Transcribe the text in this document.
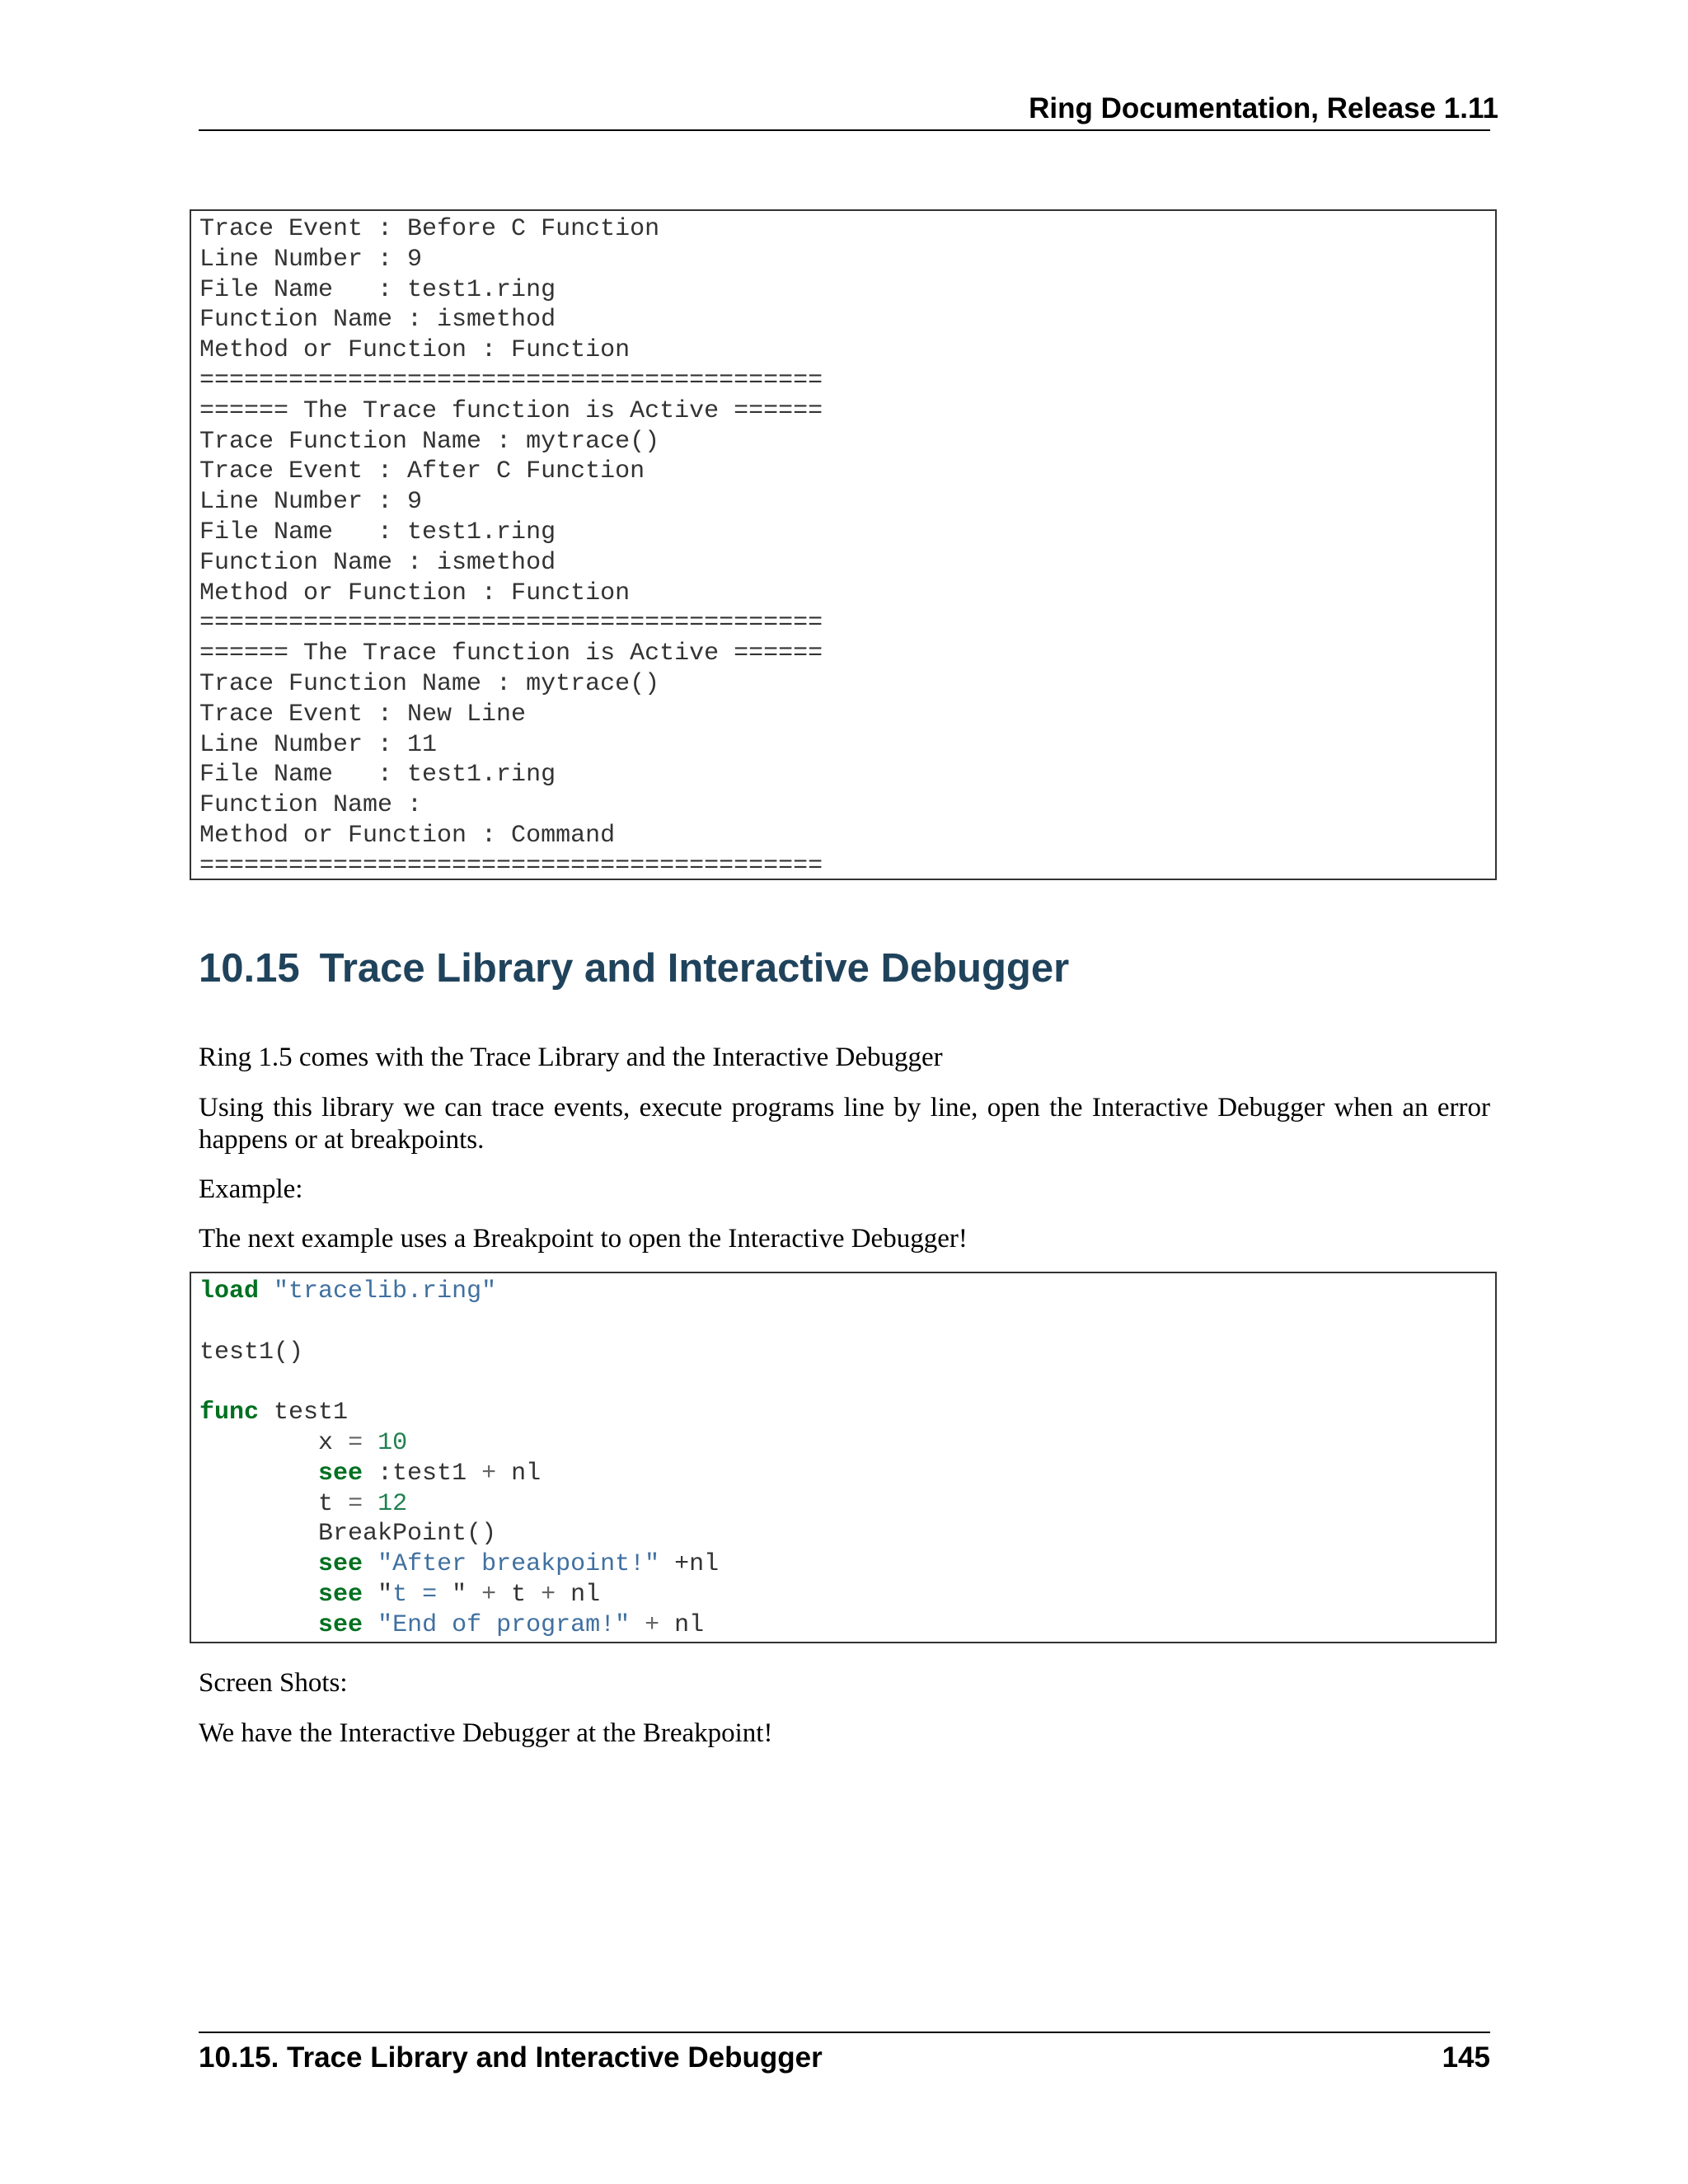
Ring Documentation, Release 1.11
Trace Event : Before C Function
Line Number : 9
File Name   : test1.ring
Function Name : ismethod
Method or Function : Function
==========================================
====== The Trace function is Active ======
Trace Function Name : mytrace()
Trace Event : After C Function
Line Number : 9
File Name   : test1.ring
Function Name : ismethod
Method or Function : Function
==========================================
====== The Trace function is Active ======
Trace Function Name : mytrace()
Trace Event : New Line
Line Number : 11
File Name   : test1.ring
Function Name :
Method or Function : Command
==========================================
10.15 Trace Library and Interactive Debugger

Ring 1.5 comes with the Trace Library and the Interactive Debugger

Using this library we can trace events, execute programs line by line, open the Interactive Debugger when an error happens or at breakpoints.

Example:

The next example uses a Breakpoint to open the Interactive Debugger!

load "tracelib.ring"

test1()

func test1
x = 10
see :test1 + nl
t = 12
BreakPoint()
see "After breakpoint!" +nl
see "t = " + t + nl
see "End of program!" + nl

Screen Shots:

We have the Interactive Debugger at the Breakpoint!

10.15. Trace Library and Interactive Debugger	145
